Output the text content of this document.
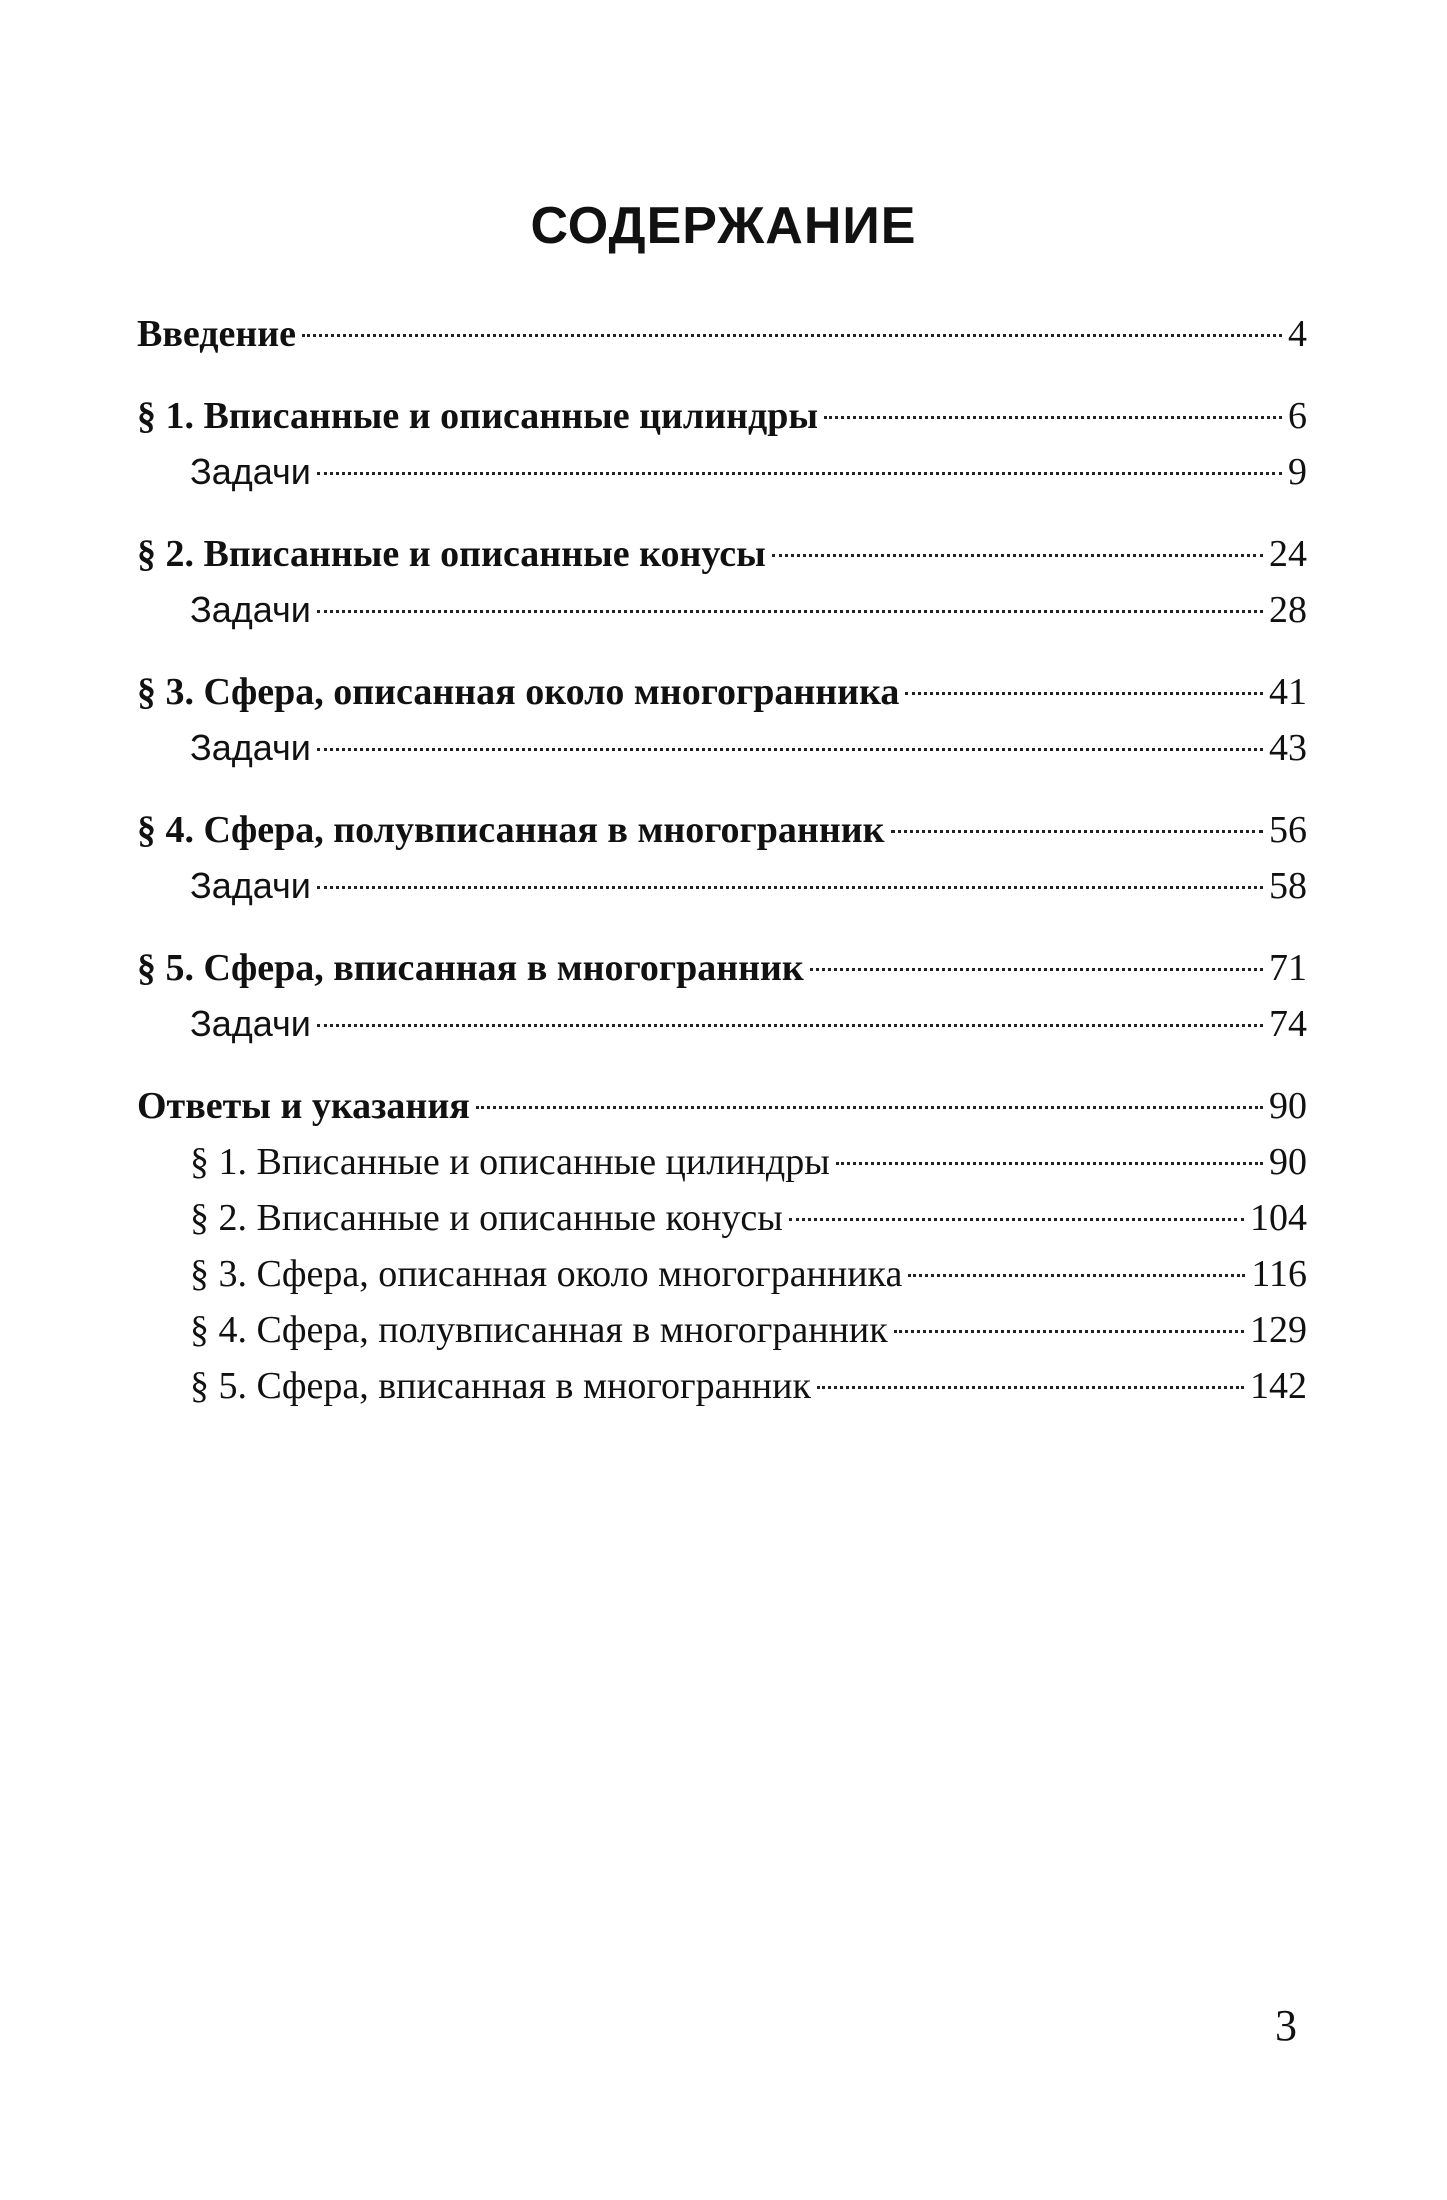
СОДЕРЖАНИЕ
Введение	4
§ 1. Вписанные и описанные цилиндры	6
Задачи	9
§ 2. Вписанные и описанные конусы	24
Задачи	28
§ 3. Сфера, описанная около многогранника	41
Задачи	43
§ 4. Сфера, полувписанная в многогранник	56
Задачи	58
§ 5. Сфера, вписанная в многогранник	71
Задачи	74
Ответы и указания	90
§ 1. Вписанные и описанные цилиндры	90
§ 2. Вписанные и описанные конусы	104
§ 3. Сфера, описанная около многогранника	116
§ 4. Сфера, полувписанная в многогранник	129
§ 5. Сфера, вписанная в многогранник	142
3
